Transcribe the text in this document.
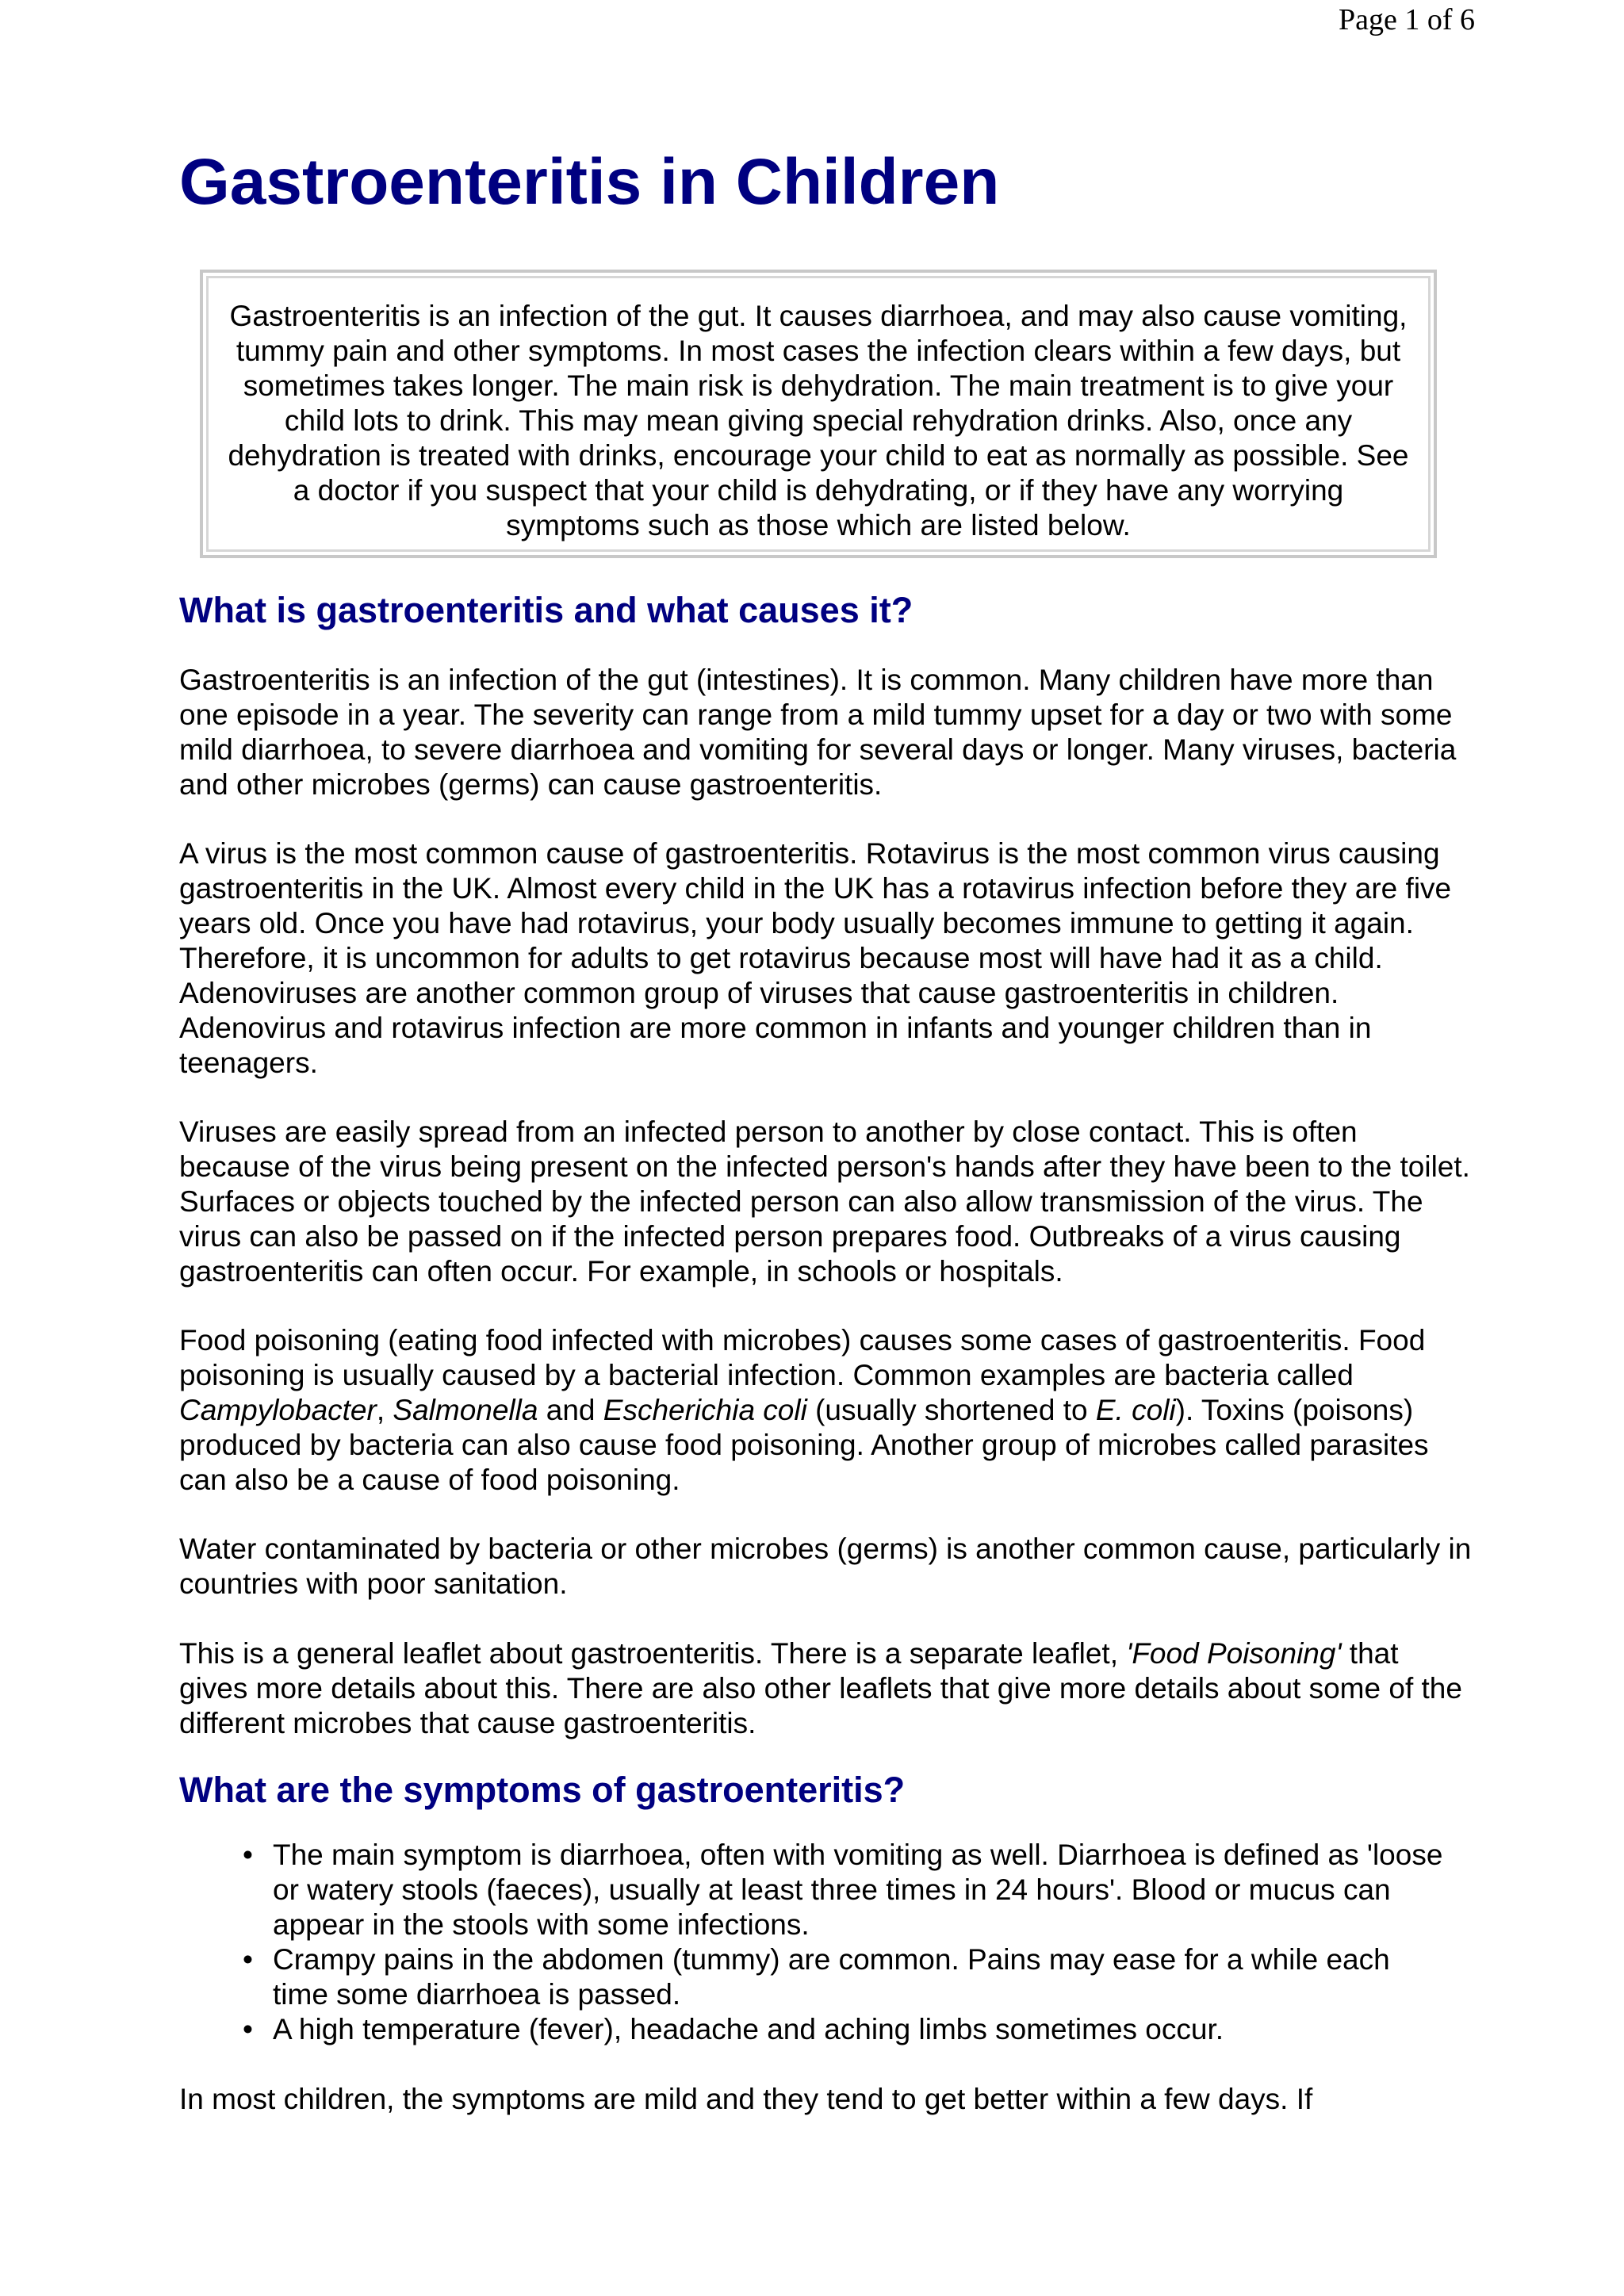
Page 1 of 6
Gastroenteritis in Children
Gastroenteritis is an infection of the gut. It causes diarrhoea, and may also cause vomiting, tummy pain and other symptoms. In most cases the infection clears within a few days, but sometimes takes longer. The main risk is dehydration. The main treatment is to give your child lots to drink. This may mean giving special rehydration drinks. Also, once any dehydration is treated with drinks, encourage your child to eat as normally as possible. See a doctor if you suspect that your child is dehydrating, or if they have any worrying symptoms such as those which are listed below.
What is gastroenteritis and what causes it?

Gastroenteritis is an infection of the gut (intestines). It is common. Many children have more than one episode in a year. The severity can range from a mild tummy upset for a day or two with some mild diarrhoea, to severe diarrhoea and vomiting for several days or longer. Many viruses, bacteria and other microbes (germs) can cause gastroenteritis.

A virus is the most common cause of gastroenteritis. Rotavirus is the most common virus causing gastroenteritis in the UK. Almost every child in the UK has a rotavirus infection before they are five years old. Once you have had rotavirus, your body usually becomes immune to getting it again. Therefore, it is uncommon for adults to get rotavirus because most will have had it as a child. Adenoviruses are another common group of viruses that cause gastroenteritis in children. Adenovirus and rotavirus infection are more common in infants and younger children than in teenagers.

Viruses are easily spread from an infected person to another by close contact. This is often because of the virus being present on the infected person's hands after they have been to the toilet. Surfaces or objects touched by the infected person can also allow transmission of the virus. The virus can also be passed on if the infected person prepares food. Outbreaks of a virus causing gastroenteritis can often occur. For example, in schools or hospitals.

Food poisoning (eating food infected with microbes) causes some cases of gastroenteritis. Food poisoning is usually caused by a bacterial infection. Common examples are bacteria called Campylobacter, Salmonella and Escherichia coli (usually shortened to E. coli). Toxins (poisons) produced by bacteria can also cause food poisoning. Another group of microbes called parasites can also be a cause of food poisoning.

Water contaminated by bacteria or other microbes (germs) is another common cause, particularly in countries with poor sanitation.

This is a general leaflet about gastroenteritis. There is a separate leaflet, 'Food Poisoning' that gives more details about this. There are also other leaflets that give more details about some of the different microbes that cause gastroenteritis.

What are the symptoms of gastroenteritis?
• The main symptom is diarrhoea, often with vomiting as well. Diarrhoea is defined as 'loose or watery stools (faeces), usually at least three times in 24 hours'. Blood or mucus can appear in the stools with some infections.
• Crampy pains in the abdomen (tummy) are common. Pains may ease for a while each time some diarrhoea is passed.
• A high temperature (fever), headache and aching limbs sometimes occur.

In most children, the symptoms are mild and they tend to get better within a few days. If
